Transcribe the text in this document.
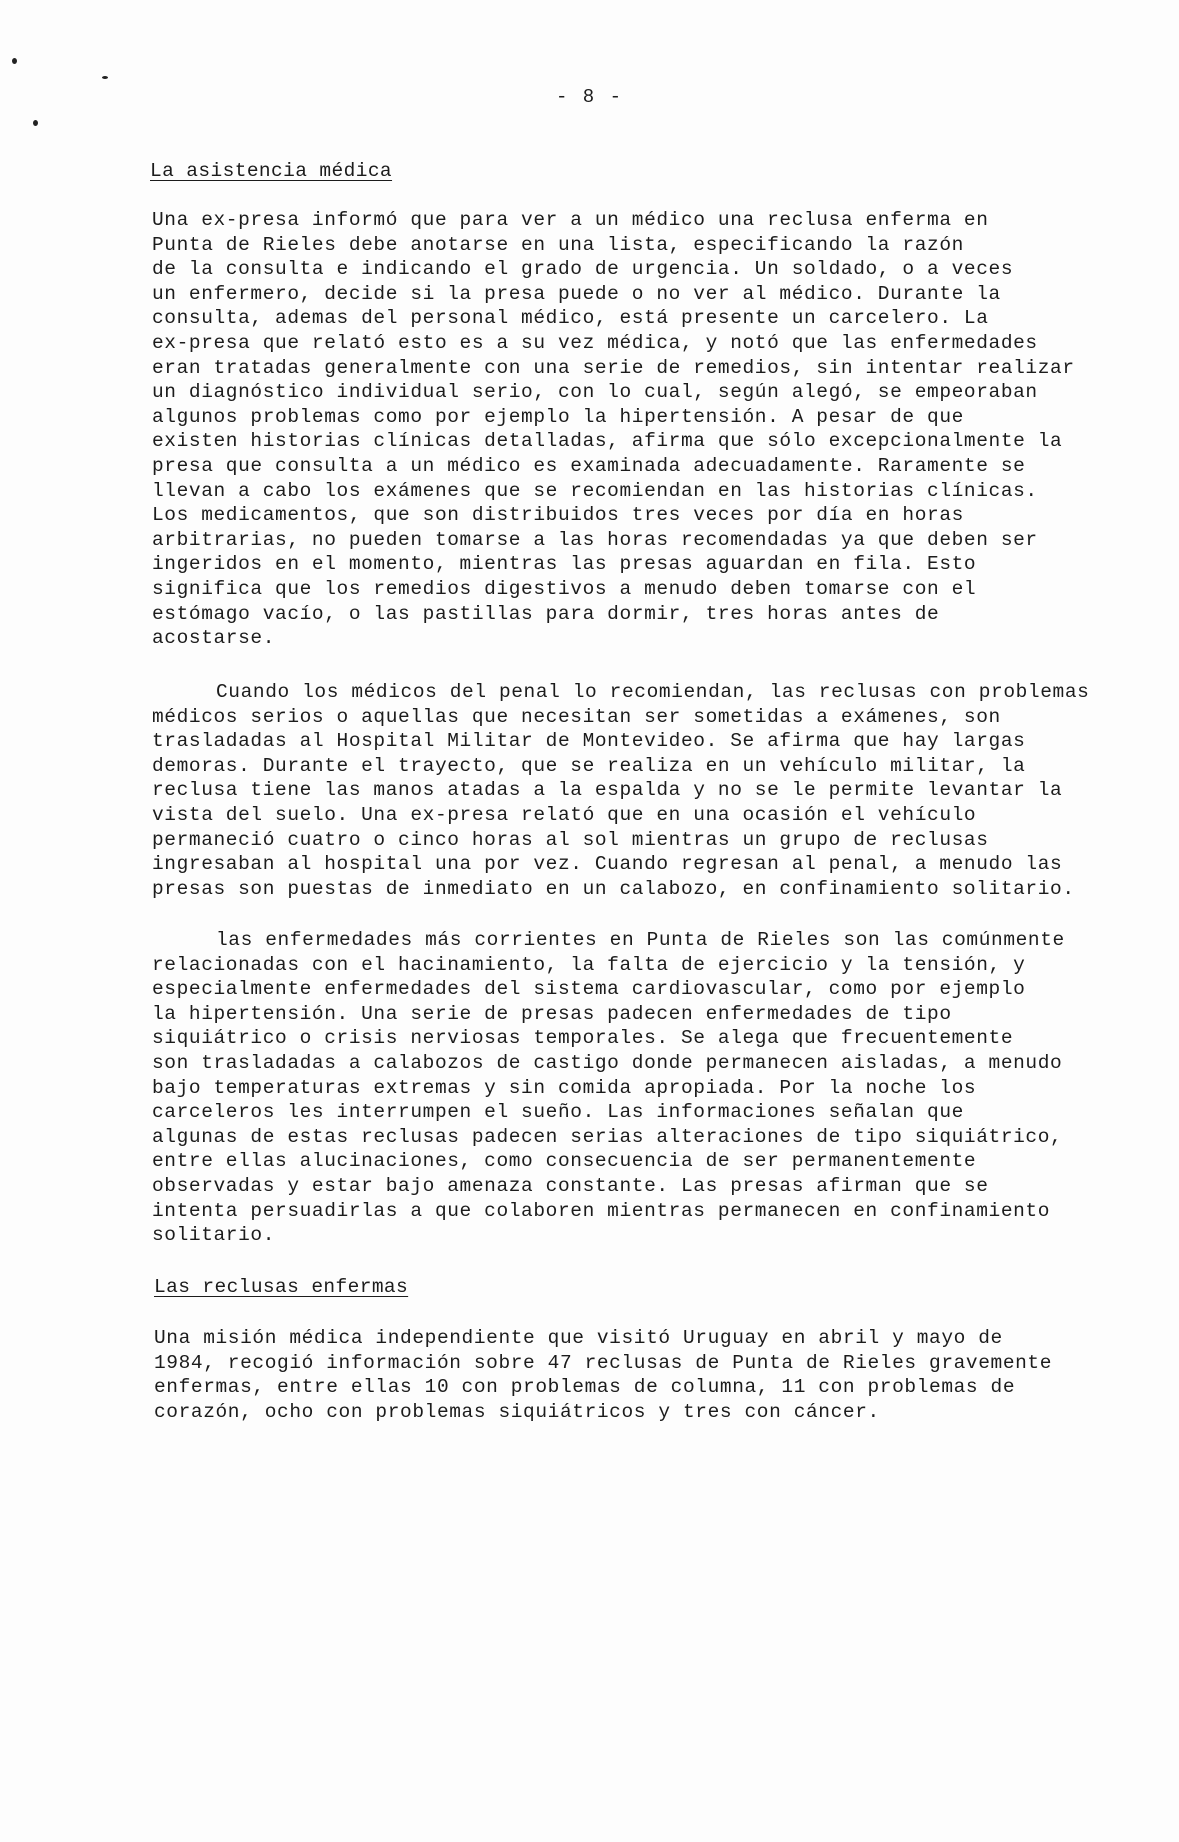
- 8 -
La asistencia médica
Una ex-presa informó que para ver a un médico una reclusa enferma en
Punta de Rieles debe anotarse en una lista, especificando la razón
de la consulta e indicando el grado de urgencia. Un soldado, o a veces
un enfermero, decide si la presa puede o no ver al médico. Durante la
consulta, ademas del personal médico, está presente un carcelero. La
ex-presa que relató esto es a su vez médica, y notó que las enfermedades
eran tratadas generalmente con una serie de remedios, sin intentar realizar
un diagnóstico individual serio, con lo cual, según alegó, se empeoraban
algunos problemas como por ejemplo la hipertensión. A pesar de que
existen historias clínicas detalladas, afirma que sólo excepcionalmente la
presa que consulta a un médico es examinada adecuadamente. Raramente se
llevan a cabo los exámenes que se recomiendan en las historias clínicas.
Los medicamentos, que son distribuidos tres veces por día en horas
arbitrarias, no pueden tomarse a las horas recomendadas ya que deben ser
ingeridos en el momento, mientras las presas aguardan en fila. Esto
significa que los remedios digestivos a menudo deben tomarse con el
estómago vacío, o las pastillas para dormir, tres horas antes de
acostarse.
Cuando los médicos del penal lo recomiendan, las reclusas con problemas
médicos serios o aquellas que necesitan ser sometidas a exámenes, son
trasladadas al Hospital Militar de Montevideo. Se afirma que hay largas
demoras. Durante el trayecto, que se realiza en un vehículo militar, la
reclusa tiene las manos atadas a la espalda y no se le permite levantar la
vista del suelo. Una ex-presa relató que en una ocasión el vehículo
permaneció cuatro o cinco horas al sol mientras un grupo de reclusas
ingresaban al hospital una por vez. Cuando regresan al penal, a menudo las
presas son puestas de inmediato en un calabozo, en confinamiento solitario.
las enfermedades más corrientes en Punta de Rieles son las comúnmente
relacionadas con el hacinamiento, la falta de ejercicio y la tensión, y
especialmente enfermedades del sistema cardiovascular, como por ejemplo
la hipertensión. Una serie de presas padecen enfermedades de tipo
siquiátrico o crisis nerviosas temporales. Se alega que frecuentemente
son trasladadas a calabozos de castigo donde permanecen aisladas, a menudo
bajo temperaturas extremas y sin comida apropiada. Por la noche los
carceleros les interrumpen el sueño. Las informaciones señalan que
algunas de estas reclusas padecen serias alteraciones de tipo siquiátrico,
entre ellas alucinaciones, como consecuencia de ser permanentemente
observadas y estar bajo amenaza constante. Las presas afirman que se
intenta persuadirlas a que colaboren mientras permanecen en confinamiento
solitario.
Las reclusas enfermas
Una misión médica independiente que visitó Uruguay en abril y mayo de
1984, recogió información sobre 47 reclusas de Punta de Rieles gravemente
enfermas, entre ellas 10 con problemas de columna, 11 con problemas de
corazón, ocho con problemas siquiátricos y tres con cáncer.
